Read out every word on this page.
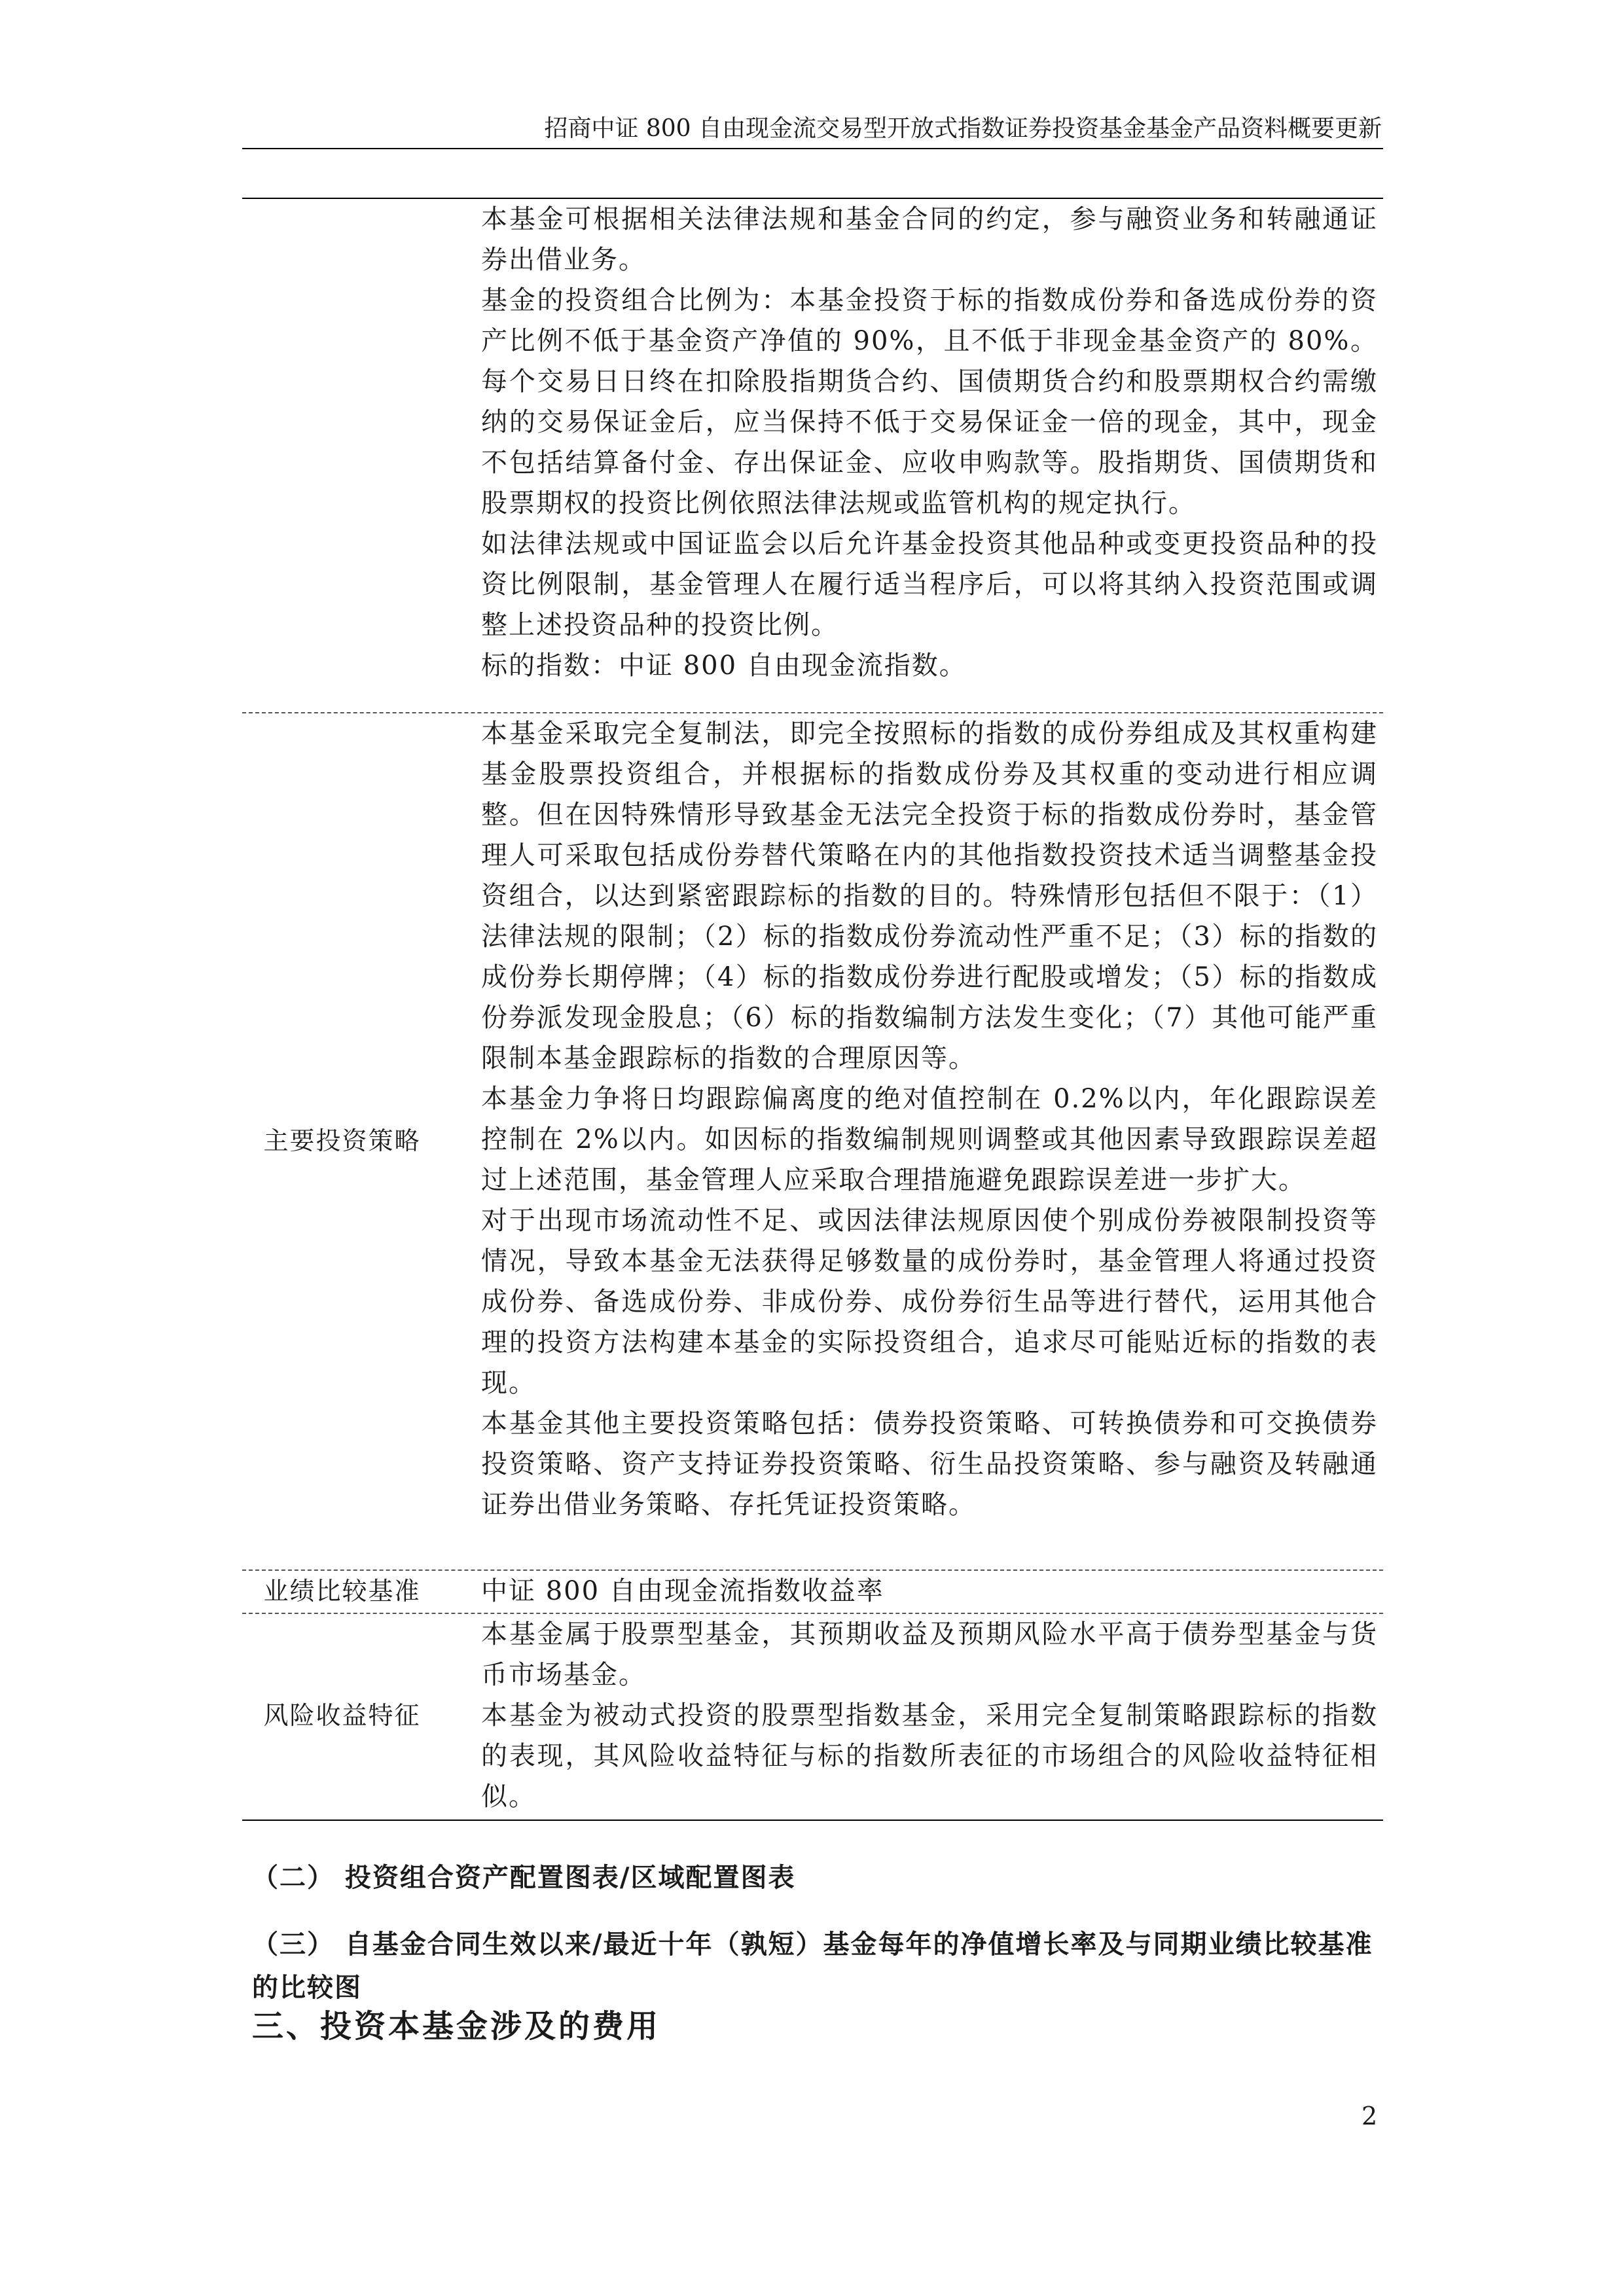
招商中证 800 自由现金流交易型开放式指数证券投资基金基金产品资料概要更新

本基金可根据相关法律法规和基金合同的约定，参与融资业务和转融通证券出借业务。

基金的投资组合比例为：本基金投资于标的指数成份券和备选成份券的资产比例不低于基金资产净值的 90%，且不低于非现金基金资产的 80%。每个交易日日终在扣除股指期货合约、国债期货合约和股票期权合约需缴纳的交易保证金后，应当保持不低于交易保证金一倍的现金，其中，现金不包括结算备付金、存出保证金、应收申购款等。股指期货、国债期货和股票期权的投资比例依照法律法规或监管机构的规定执行。

如法律法规或中国证监会以后允许基金投资其他品种或变更投资品种的投资比例限制，基金管理人在履行适当程序后，可以将其纳入投资范围或调整上述投资品种的投资比例。

标的指数：中证 800 自由现金流指数。

主要投资策略

本基金采取完全复制法，即完全按照标的指数的成份券组成及其权重构建基金股票投资组合，并根据标的指数成份券及其权重的变动进行相应调整。但在因特殊情形导致基金无法完全投资于标的指数成份券时，基金管理人可采取包括成份券替代策略在内的其他指数投资技术适当调整基金投资组合，以达到紧密跟踪标的指数的目的。特殊情形包括但不限于：（1）法律法规的限制；（2）标的指数成份券流动性严重不足；（3）标的指数的成份券长期停牌；（4）标的指数成份券进行配股或增发；（5）标的指数成份券派发现金股息；（6）标的指数编制方法发生变化；（7）其他可能严重限制本基金跟踪标的指数的合理原因等。

本基金力争将日均跟踪偏离度的绝对值控制在 0.2%以内，年化跟踪误差控制在 2%以内。如因标的指数编制规则调整或其他因素导致跟踪误差超过上述范围，基金管理人应采取合理措施避免跟踪误差进一步扩大。

对于出现市场流动性不足、或因法律法规原因使个别成份券被限制投资等情况，导致本基金无法获得足够数量的成份券时，基金管理人将通过投资成份券、备选成份券、非成份券、成份券衍生品等进行替代，运用其他合理的投资方法构建本基金的实际投资组合，追求尽可能贴近标的指数的表现。

本基金其他主要投资策略包括：债券投资策略、可转换债券和可交换债券投资策略、资产支持证券投资策略、衍生品投资策略、参与融资及转融通证券出借业务策略、存托凭证投资策略。

业绩比较基准	中证 800 自由现金流指数收益率

风险收益特征

本基金属于股票型基金，其预期收益及预期风险水平高于债券型基金与货币市场基金。

本基金为被动式投资的股票型指数基金，采用完全复制策略跟踪标的指数的表现，其风险收益特征与标的指数所表征的市场组合的风险收益特征相似。

（二） 投资组合资产配置图表/区域配置图表
（三） 自基金合同生效以来/最近十年（孰短）基金每年的净值增长率及与同期业绩比较基准的比较图
三、投资本基金涉及的费用
2
